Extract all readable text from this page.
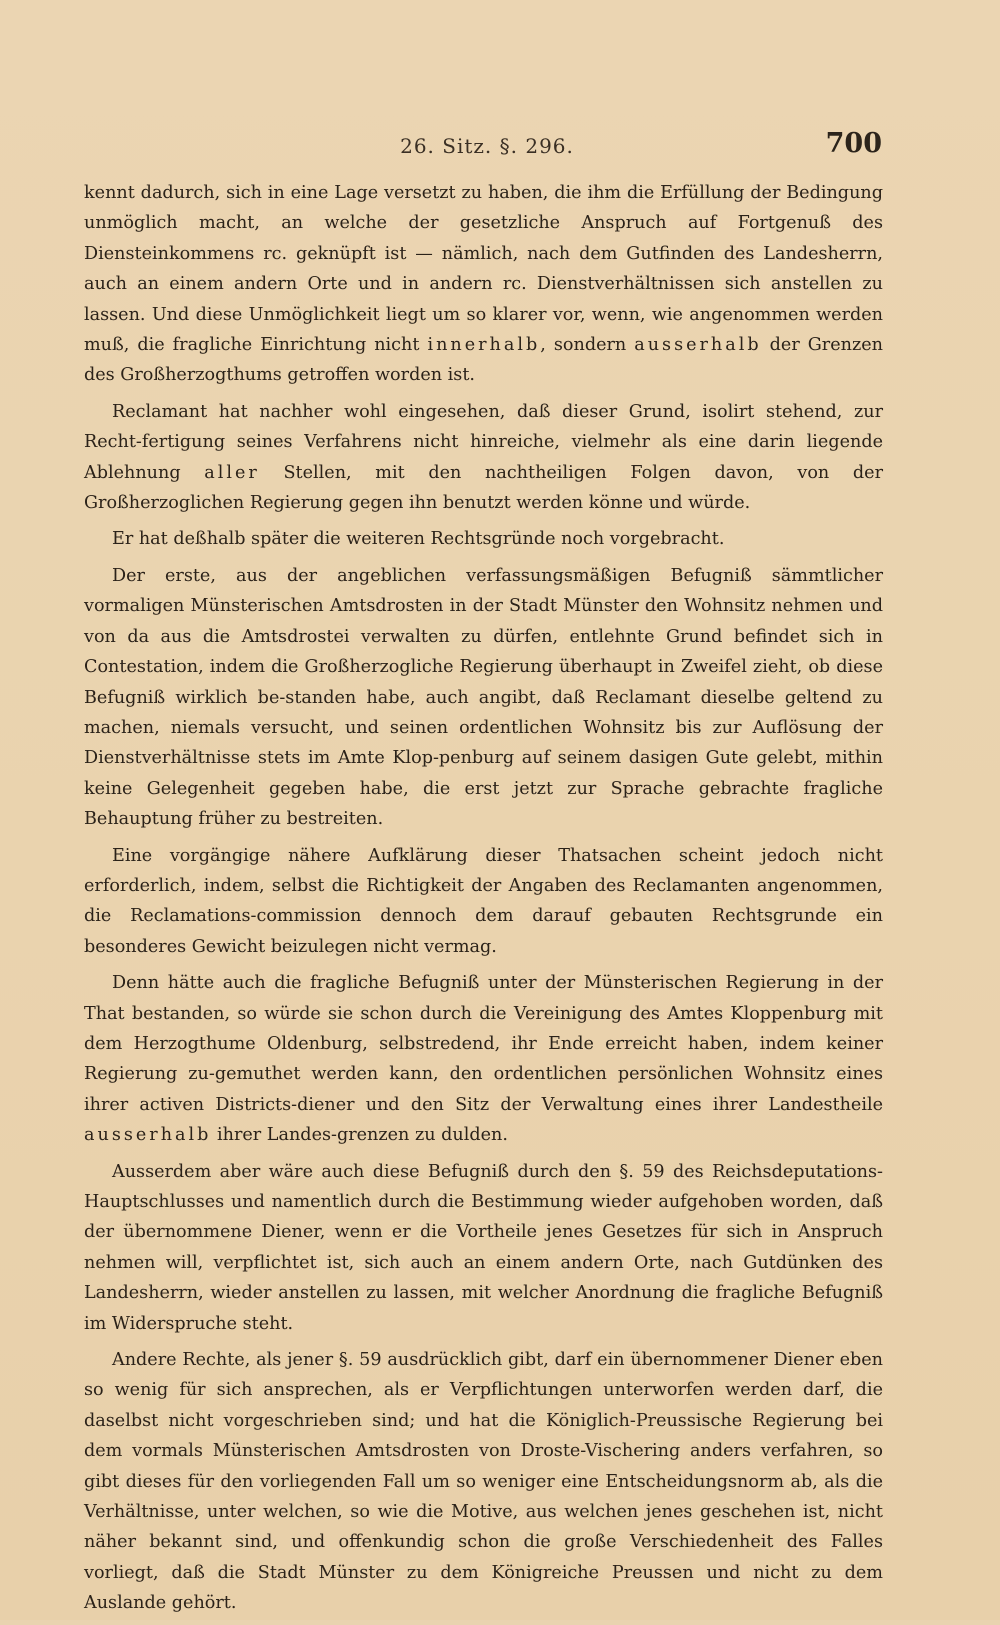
26. Sitz. §. 296.	700

kennt dadurch, sich in eine Lage versetzt zu haben, die ihm die Erfüllung der Bedingung unmöglich macht, an welche der gesetzliche Anspruch auf Fortgenuß des Diensteinkommens rc. geknüpft ist — nämlich, nach dem Gutfinden des Landesherrn, auch an einem andern Orte und in andern rc. Dienstverhältnissen sich anstellen zu lassen. Und diese Unmöglichkeit liegt um so klarer vor, wenn, wie angenommen werden muß, die fragliche Einrichtung nicht innerhalb, sondern ausserhalb der Grenzen des Großherzogthums getroffen worden ist.

Reclamant hat nachher wohl eingesehen, daß dieser Grund, isolirt stehend, zur Recht-fertigung seines Verfahrens nicht hinreiche, vielmehr als eine darin liegende Ablehnung aller Stellen, mit den nachtheiligen Folgen davon, von der Großherzoglichen Regierung gegen ihn benutzt werden könne und würde.

Er hat deßhalb später die weiteren Rechtsgründe noch vorgebracht.

Der erste, aus der angeblichen verfassungsmäßigen Befugniß sämmtlicher vormaligen Münsterischen Amtsdrosten in der Stadt Münster den Wohnsitz nehmen und von da aus die Amtsdrostei verwalten zu dürfen, entlehnte Grund befindet sich in Contestation, indem die Großherzogliche Regierung überhaupt in Zweifel zieht, ob diese Befugniß wirklich be-standen habe, auch angibt, daß Reclamant dieselbe geltend zu machen, niemals versucht, und seinen ordentlichen Wohnsitz bis zur Auflösung der Dienstverhältnisse stets im Amte Klop-penburg auf seinem dasigen Gute gelebt, mithin keine Gelegenheit gegeben habe, die erst jetzt zur Sprache gebrachte fragliche Behauptung früher zu bestreiten.

Eine vorgängige nähere Aufklärung dieser Thatsachen scheint jedoch nicht erforderlich, indem, selbst die Richtigkeit der Angaben des Reclamanten angenommen, die Reclamations-commission dennoch dem darauf gebauten Rechtsgrunde ein besonderes Gewicht beizulegen nicht vermag.

Denn hätte auch die fragliche Befugniß unter der Münsterischen Regierung in der That bestanden, so würde sie schon durch die Vereinigung des Amtes Kloppenburg mit dem Herzogthume Oldenburg, selbstredend, ihr Ende erreicht haben, indem keiner Regierung zu-gemuthet werden kann, den ordentlichen persönlichen Wohnsitz eines ihrer activen Districts-diener und den Sitz der Verwaltung eines ihrer Landestheile ausserhalb ihrer Landes-grenzen zu dulden.

Ausserdem aber wäre auch diese Befugniß durch den §. 59 des Reichsdeputations-Hauptschlusses und namentlich durch die Bestimmung wieder aufgehoben worden, daß der übernommene Diener, wenn er die Vortheile jenes Gesetzes für sich in Anspruch nehmen will, verpflichtet ist, sich auch an einem andern Orte, nach Gutdünken des Landesherrn, wieder anstellen zu lassen, mit welcher Anordnung die fragliche Befugniß im Widerspruche steht.

Andere Rechte, als jener §. 59 ausdrücklich gibt, darf ein übernommener Diener eben so wenig für sich ansprechen, als er Verpflichtungen unterworfen werden darf, die daselbst nicht vorgeschrieben sind; und hat die Königlich-Preussische Regierung bei dem vormals Münsterischen Amtsdrosten von Droste-Vischering anders verfahren, so gibt dieses für den vorliegenden Fall um so weniger eine Entscheidungsnorm ab, als die Verhältnisse, unter welchen, so wie die Motive, aus welchen jenes geschehen ist, nicht näher bekannt sind, und offenkundig schon die große Verschiedenheit des Falles vorliegt, daß die Stadt Münster zu dem Königreiche Preussen und nicht zu dem Auslande gehört.
